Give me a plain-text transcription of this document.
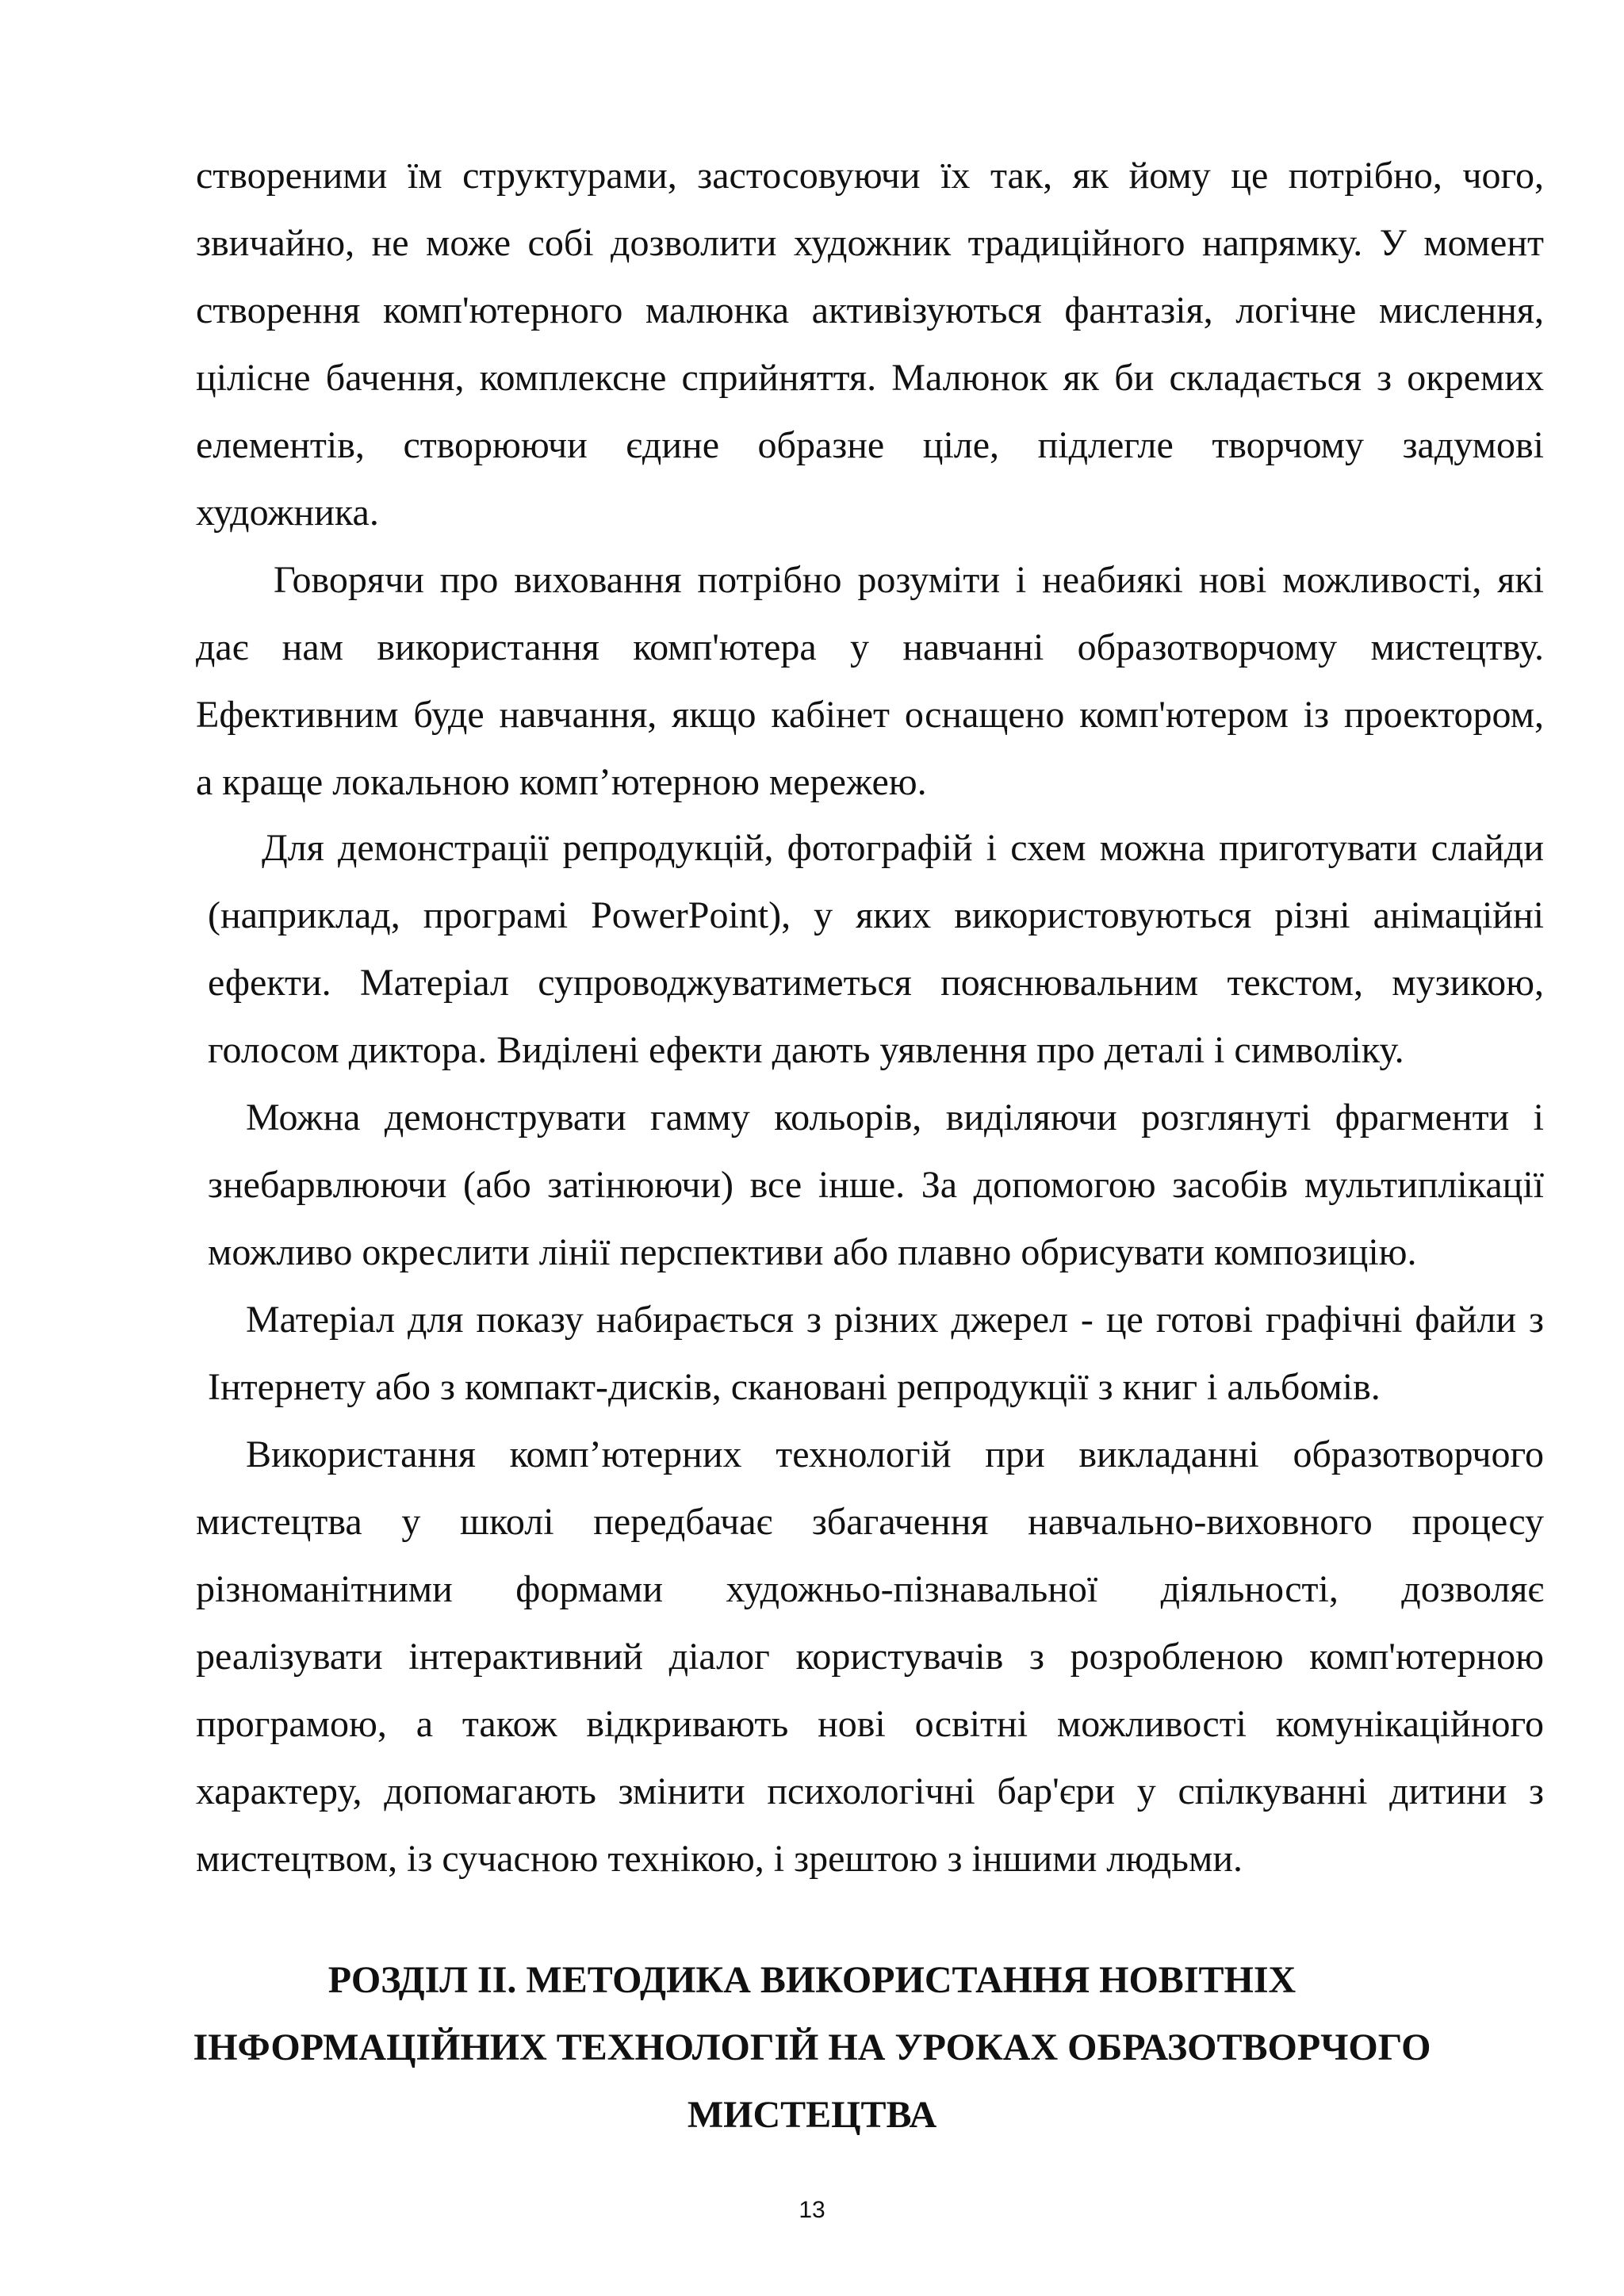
створеними їм структурами, застосовуючи їх так, як йому це потрібно, чого,

звичайно, не може собі дозволити художник традиційного напрямку. У момент

створення комп'ютерного малюнка активізуються фантазія, логічне мислення,

цілісне бачення, комплексне сприйняття. Малюнок як би складається з окремих

елементів, створюючи єдине образне ціле, підлегле творчому задумові

художника.

Говорячи про виховання потрібно розуміти і неабиякі нові можливості, які

дає нам використання комп'ютера у навчанні образотворчому мистецтву.

Ефективним буде навчання, якщо кабінет оснащено комп'ютером із проектором,

а краще локальною комп’ютерною мережею.

Для демонстрації репродукцій, фотографій і схем можна приготувати слайди

(наприклад, програмі PowerPoint), у яких використовуються різні анімаційні

ефекти. Матеріал супроводжуватиметься пояснювальним текстом, музикою,

голосом диктора. Виділені ефекти дають уявлення про деталі і символіку.

Можна демонструвати гамму кольорів, виділяючи розглянуті фрагменти і

знебарвлюючи (або затінюючи) все інше. За допомогою засобів мультиплікації

можливо окреслити лінії перспективи або плавно обрисувати композицію.

Матеріал для показу набирається з різних джерел - це готові графічні файли з

Інтернету або з компакт-дисків, скановані репродукції з книг і альбомів.

Використання комп’ютерних технологій при викладанні образотворчого

мистецтва у школі передбачає збагачення навчально-виховного процесу

різноманітними формами художньо-пізнавальної діяльності, дозволяє

реалізувати інтерактивний діалог користувачів з розробленою комп'ютерною

програмою, а також відкривають нові освітні можливості комунікаційного

характеру, допомагають змінити психологічні бар'єри у спілкуванні дитини з

мистецтвом, із сучасною технікою, і зрештою з іншими людьми.

РОЗДІЛ ІІ. МЕТОДИКА ВИКОРИСТАННЯ НОВІТНІХ

ІНФОРМАЦІЙНИХ ТЕХНОЛОГІЙ НА УРОКАХ ОБРАЗОТВОРЧОГО

МИСТЕЦТВА

13
